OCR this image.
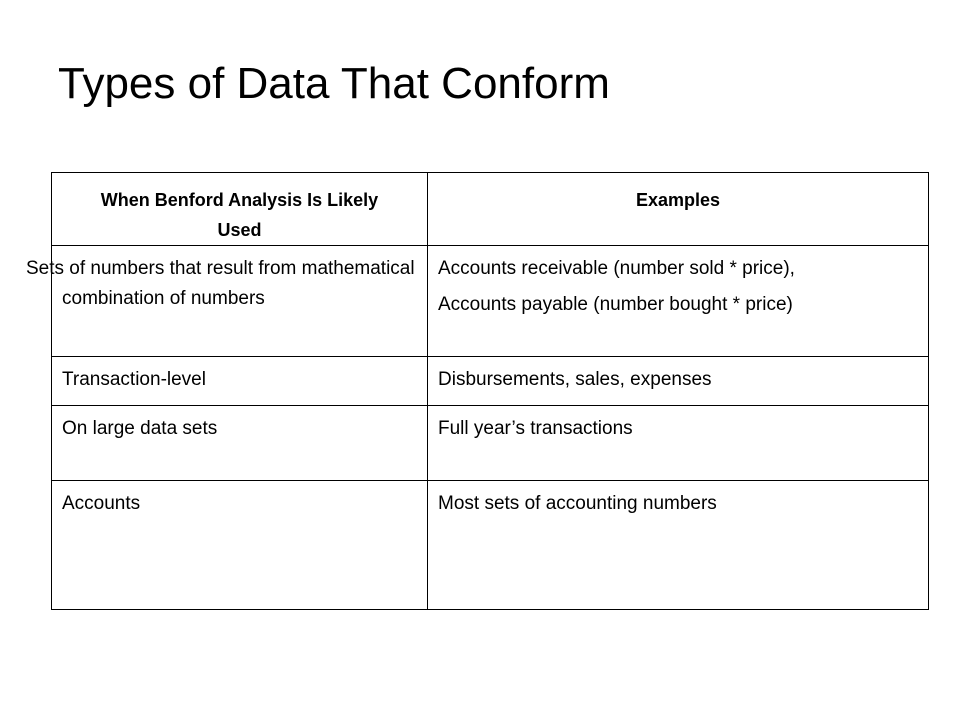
Types of Data That Conform
When Benford Analysis Is Likely Used	Examples

Sets of numbers that result from mathematical combination of numbers	Accounts receivable (number sold * price),
Accounts payable (number bought * price)

Transaction-level	Disbursements, sales, expenses

On large data sets	Full year’s transactions

Accounts	Most sets of accounting numbers
